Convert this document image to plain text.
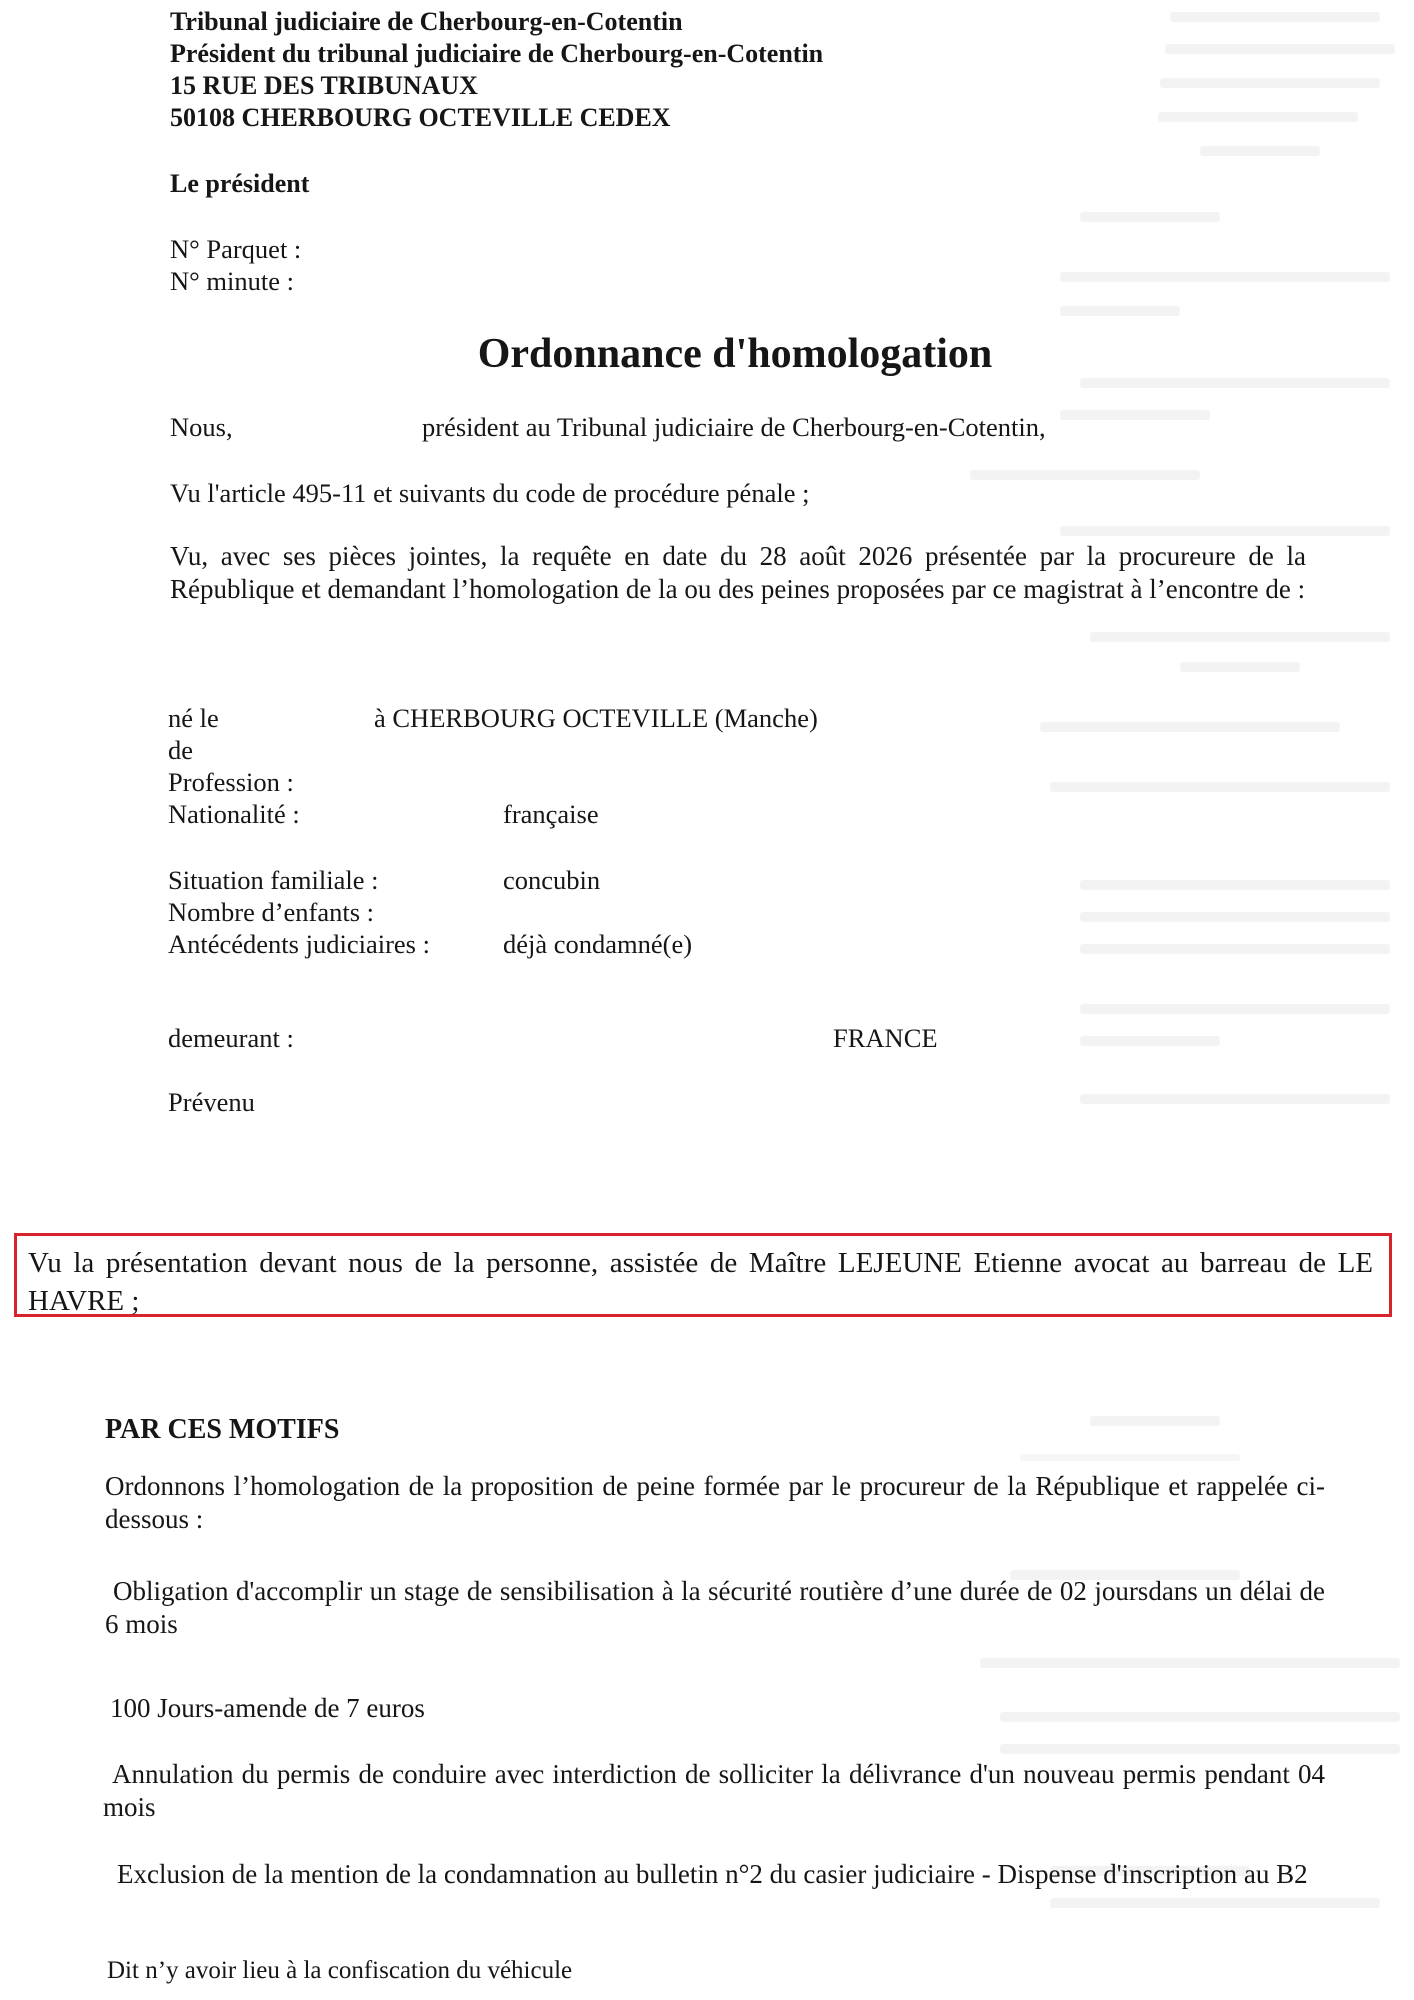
Tribunal judiciaire de Cherbourg-en-Cotentin
Président du tribunal judiciaire de Cherbourg-en-Cotentin
15 RUE DES TRIBUNAUX
50108 CHERBOURG OCTEVILLE CEDEX
Le président
N° Parquet :
N° minute :
Ordonnance d'homologation
Nous,	président au Tribunal judiciaire de Cherbourg-en-Cotentin,
Vu l'article 495-11 et suivants du code de procédure pénale ;
Vu, avec ses pièces jointes, la requête en date du 28 août 2026 présentée par la procureure de la République et demandant l’homologation de la ou des peines proposées par ce magistrat à l’encontre de :
né le	à CHERBOURG OCTEVILLE (Manche)
de
Profession :
Nationalité :	française
Situation familiale :	concubin
Nombre d’enfants :
Antécédents judiciaires :	déjà condamné(e)
demeurant :	FRANCE
Prévenu
Vu la présentation devant nous de la personne, assistée de Maître LEJEUNE Etienne avocat au barreau de LE HAVRE ;
PAR CES MOTIFS
Ordonnons l’homologation de la proposition de peine formée par le procureur de la République et rappelée ci-dessous :
Obligation d'accomplir un stage de sensibilisation à la sécurité routière d’une durée de 02 joursdans un délai de 6 mois
100 Jours-amende de 7 euros
Annulation du permis de conduire avec interdiction de solliciter la délivrance d'un nouveau permis pendant 04 mois
Exclusion de la mention de la condamnation au bulletin n°2 du casier judiciaire - Dispense d'inscription au B2
Dit n’y avoir lieu à la confiscation du véhicule
